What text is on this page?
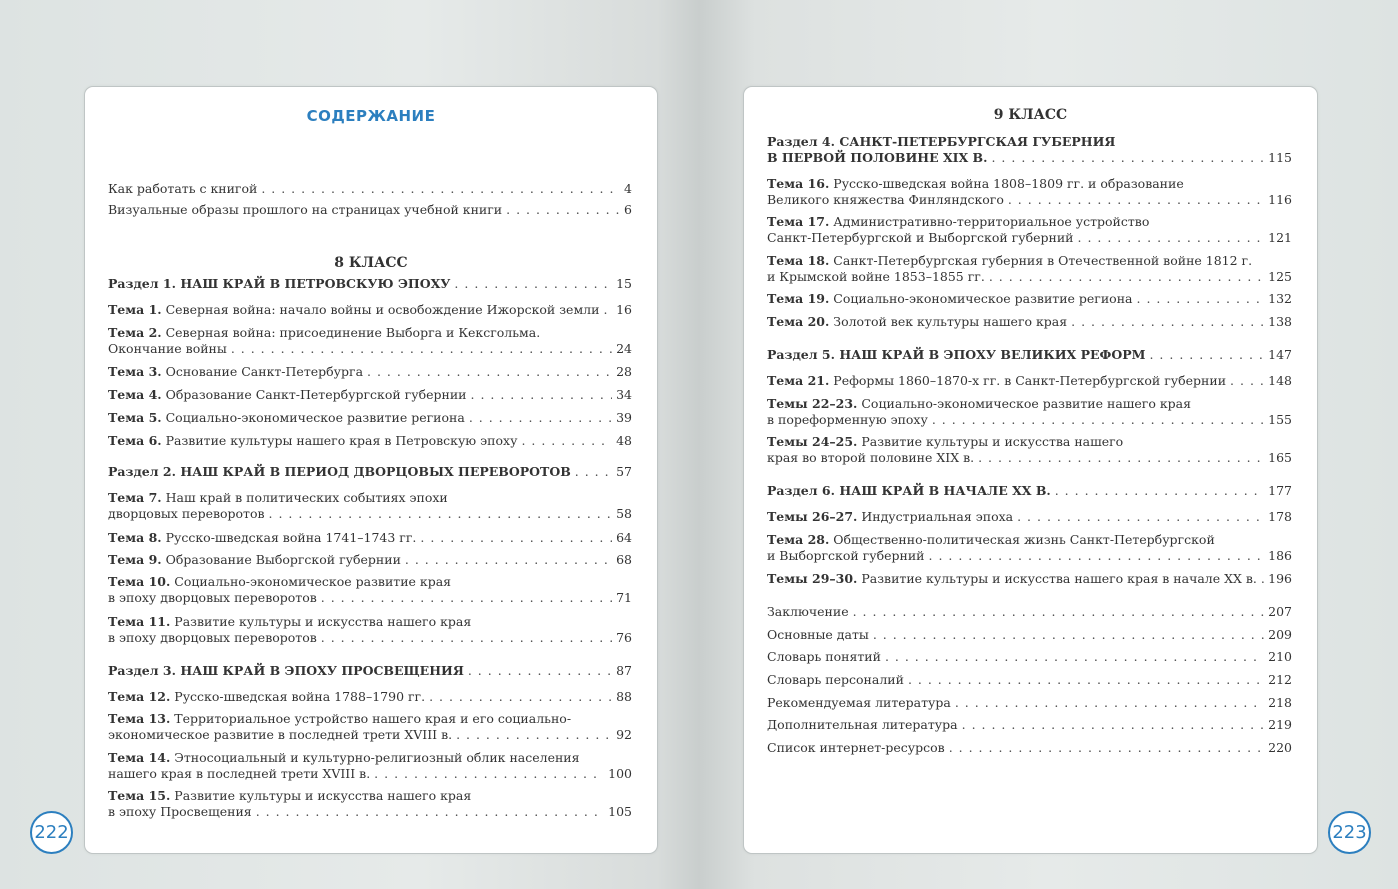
СОДЕРЖАНИЕ
8 КЛАСС
Как работать с книгой . . .	4
Визуальные образы прошлого на страницах учебной книги . . .	6
Раздел 1. НАШ КРАЙ В ПЕТРОВСКУЮ ЭПОХУ . . .	15
Тема 1. Северная война: начало войны и освобождение Ижорской земли . . . 16
Тема 2. Северная война: присоединение Выборга и Кексгольма.
Окончание войны . . .	24
Тема 3. Основание Санкт-Петербурга . . .	28
Тема 4. Образование Санкт-Петербургской губернии . . .	34
Тема 5. Социально-экономическое развитие региона . . .	39
Тема 6. Развитие культуры нашего края в Петровскую эпоху . . .	48
Раздел 2. НАШ КРАЙ В ПЕРИОД ДВОРЦОВЫХ ПЕРЕВОРОТОВ . . .	57
Тема 7. Наш край в политических событиях эпохи
дворцовых переворотов . . .	58
Тема 8. Русско-шведская война 1741–1743 гг. . . .	64
Тема 9. Образование Выборгской губернии . . .	68
Тема 10. Социально-экономическое развитие края
в эпоху дворцовых переворотов . . .	71
Тема 11. Развитие культуры и искусства нашего края
в эпоху дворцовых переворотов . . .	76
Раздел 3. НАШ КРАЙ В ЭПОХУ ПРОСВЕЩЕНИЯ . . .	87
Тема 12. Русско-шведская война 1788–1790 гг. . . .	88
Тема 13. Территориальное устройство нашего края и его социально-
экономическое развитие в последней трети XVIII в. . . .	92
Тема 14. Этносоциальный и культурно-религиозный облик населения
нашего края в последней трети XVIII в. . . .	100
Тема 15. Развитие культуры и искусства нашего края
в эпоху Просвещения . . .	105
9 КЛАСС
Раздел 4. САНКТ-ПЕТЕРБУРГСКАЯ ГУБЕРНИЯ
В ПЕРВОЙ ПОЛОВИНЕ XIX В. . . .	115
Тема 16. Русско-шведская война 1808–1809 гг. и образование
Великого княжества Финляндского . . .	116
Тема 17. Административно-территориальное устройство
Санкт-Петербургской и Выборгской губерний . . .	121
Тема 18. Санкт-Петербургская губерния в Отечественной войне 1812 г.
и Крымской войне 1853–1855 гг. . . .	125
Тема 19. Социально-экономическое развитие региона . . .	132
Тема 20. Золотой век культуры нашего края . . .	138
Раздел 5. НАШ КРАЙ В ЭПОХУ ВЕЛИКИХ РЕФОРМ . . .	147
Тема 21. Реформы 1860–1870-х гг. в Санкт-Петербургской губернии . . .	148
Темы 22–23. Социально-экономическое развитие нашего края
в пореформенную эпоху . . .	155
Темы 24–25. Развитие культуры и искусства нашего
края во второй половине XIX в. . . .	165
Раздел 6. НАШ КРАЙ В НАЧАЛЕ XX В. . . .	177
Темы 26–27. Индустриальная эпоха . . .	178
Тема 28. Общественно-политическая жизнь Санкт-Петербургской
и Выборгской губерний . . .	186
Темы 29–30. Развитие культуры и искусства нашего края в начале XX в. . . . 196
Заключение . . .	207
Основные даты . . .	209
Словарь понятий . . .	210
Словарь персоналий . . .	212
Рекомендуемая литература . . .	218
Дополнительная литература . . .	219
Список интернет-ресурсов . . .	220
222	223
